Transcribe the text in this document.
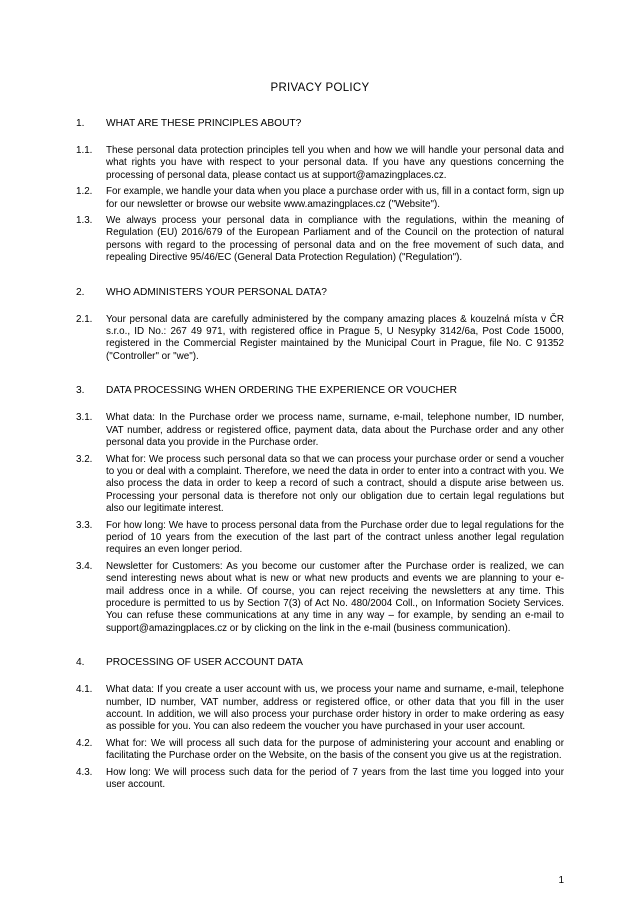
PRIVACY POLICY
1.	WHAT ARE THESE PRINCIPLES ABOUT?
1.1.	These personal data protection principles tell you when and how we will handle your personal data and what rights you have with respect to your personal data. If you have any questions concerning the processing of personal data, please contact us at support@amazingplaces.cz.
1.2.	For example, we handle your data when you place a purchase order with us, fill in a contact form, sign up for our newsletter or browse our website www.amazingplaces.cz ("Website").
1.3.	We always process your personal data in compliance with the regulations, within the meaning of Regulation (EU) 2016/679 of the European Parliament and of the Council on the protection of natural persons with regard to the processing of personal data and on the free movement of such data, and repealing Directive 95/46/EC (General Data Protection Regulation) ("Regulation").
2.	WHO ADMINISTERS YOUR PERSONAL DATA?
2.1.	Your personal data are carefully administered by the company amazing places & kouzelná místa v ČR s.r.o., ID No.: 267 49 971, with registered office in Prague 5, U Nesypky 3142/6a, Post Code 15000, registered in the Commercial Register maintained by the Municipal Court in Prague, file No. C 91352 ("Controller" or "we").
3.	DATA PROCESSING WHEN ORDERING THE EXPERIENCE OR VOUCHER
3.1.	What data: In the Purchase order we process name, surname, e-mail, telephone number, ID number, VAT number, address or registered office, payment data, data about the Purchase order and any other personal data you provide in the Purchase order.
3.2.	What for: We process such personal data so that we can process your purchase order or send a voucher to you or deal with a complaint. Therefore, we need the data in order to enter into a contract with you. We also process the data in order to keep a record of such a contract, should a dispute arise between us. Processing your personal data is therefore not only our obligation due to certain legal regulations but also our legitimate interest.
3.3.	For how long: We have to process personal data from the Purchase order due to legal regulations for the period of 10 years from the execution of the last part of the contract unless another legal regulation requires an even longer period.
3.4.	Newsletter for Customers: As you become our customer after the Purchase order is realized, we can send interesting news about what is new or what new products and events we are planning to your e-mail address once in a while. Of course, you can reject receiving the newsletters at any time. This procedure is permitted to us by Section 7(3) of Act No. 480/2004 Coll., on Information Society Services. You can refuse these communications at any time in any way – for example, by sending an e-mail to support@amazingplaces.cz or by clicking on the link in the e-mail (business communication).
4.	PROCESSING OF USER ACCOUNT DATA
4.1.	What data: If you create a user account with us, we process your name and surname, e-mail, telephone number, ID number, VAT number, address or registered office, or other data that you fill in the user account. In addition, we will also process your purchase order history in order to make ordering as easy as possible for you. You can also redeem the voucher you have purchased in your user account.
4.2.	What for: We will process all such data for the purpose of administering your account and enabling or facilitating the Purchase order on the Website, on the basis of the consent you give us at the registration.
4.3.	How long: We will process such data for the period of 7 years from the last time you logged into your user account.
1
